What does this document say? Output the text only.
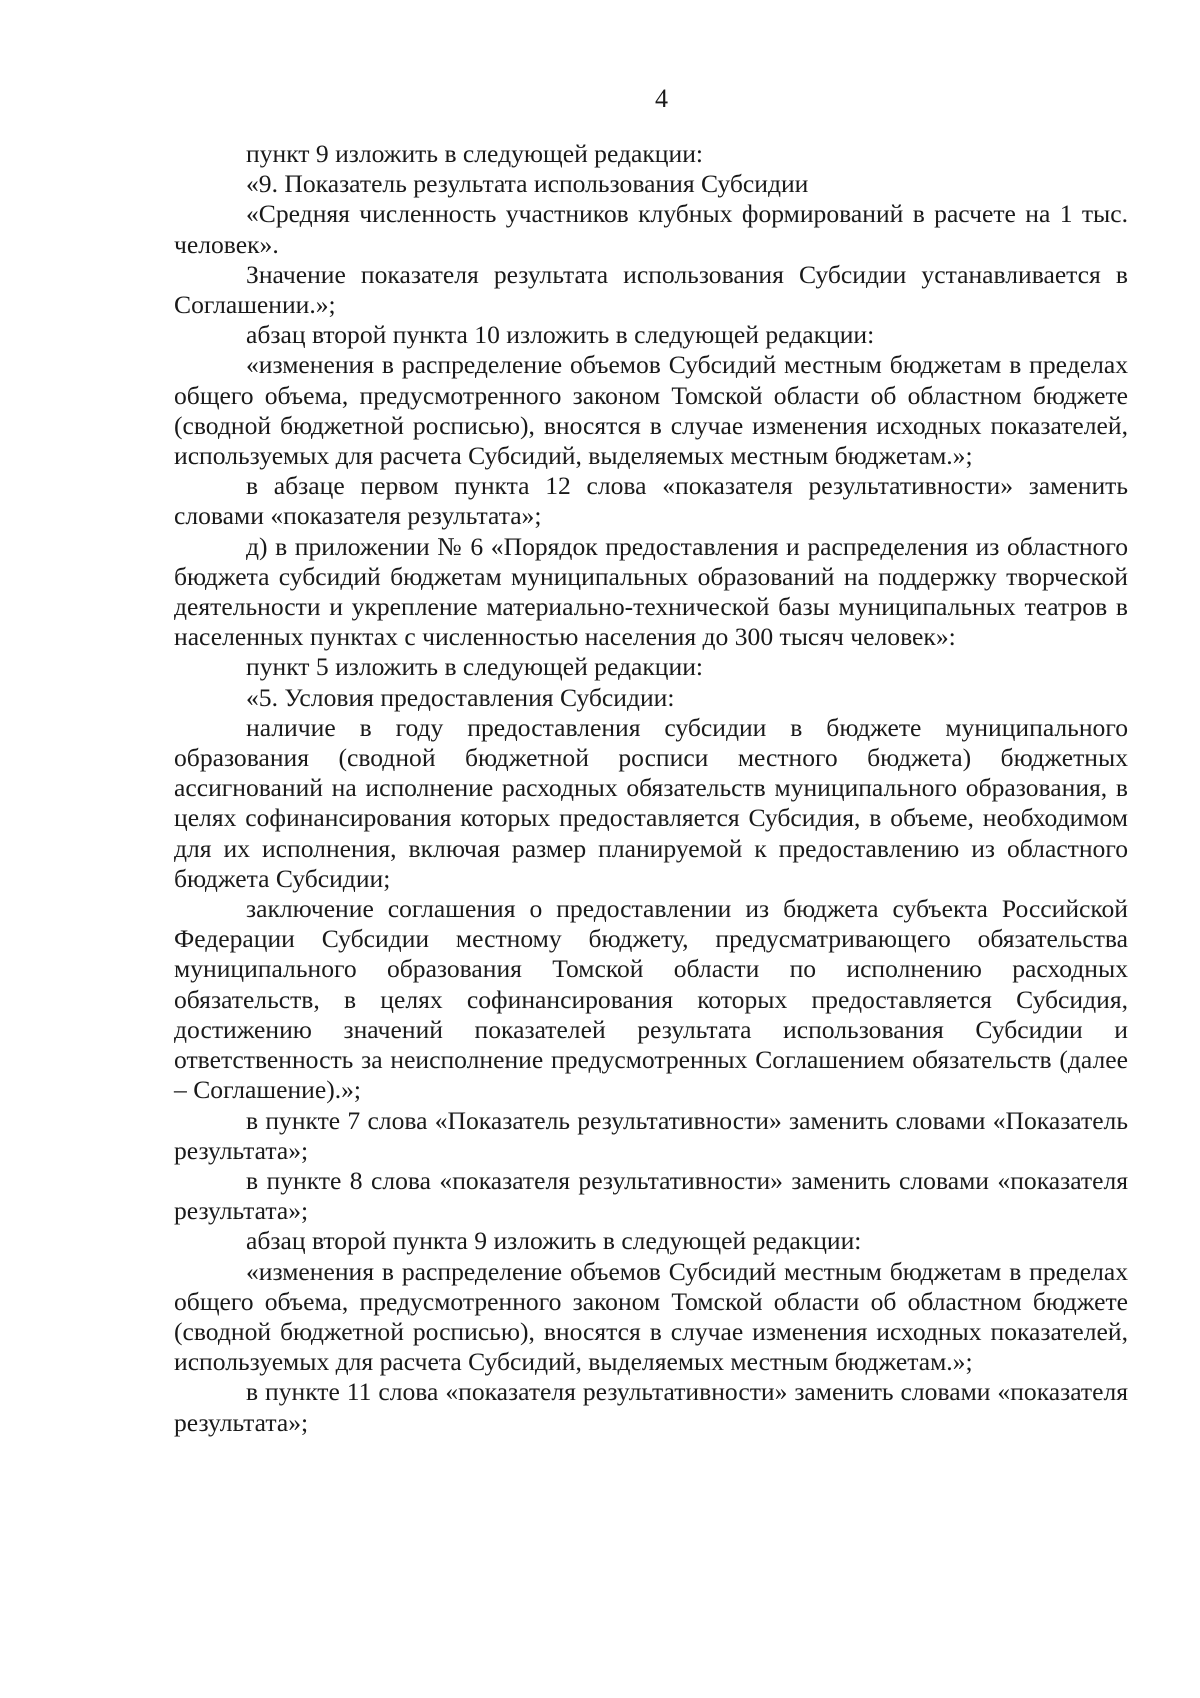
4

пункт 9 изложить в следующей редакции:

«9. Показатель результата использования Субсидии

«Средняя численность участников клубных формирований в расчете на 1 тыс. человек».

Значение показателя результата использования Субсидии устанавливается в Соглашении.»;

абзац второй пункта 10 изложить в следующей редакции:

«изменения в распределение объемов Субсидий местным бюджетам в пределах общего объема, предусмотренного законом Томской области об областном бюджете (сводной бюджетной росписью), вносятся в случае изменения исходных показателей, используемых для расчета Субсидий, выделяемых местным бюджетам.»;

в абзаце первом пункта 12 слова «показателя результативности» заменить словами «показателя результата»;

д) в приложении № 6 «Порядок предоставления и распределения из областного бюджета субсидий бюджетам муниципальных образований на поддержку творческой деятельности и укрепление материально-технической базы муниципальных театров в населенных пунктах с численностью населения до 300 тысяч человек»:

пункт 5 изложить в следующей редакции:

«5. Условия предоставления Субсидии:

наличие в году предоставления субсидии в бюджете муниципального образования (сводной бюджетной росписи местного бюджета) бюджетных ассигнований на исполнение расходных обязательств муниципального образования, в целях софинансирования которых предоставляется Субсидия, в объеме, необходимом для их исполнения, включая размер планируемой к предоставлению из областного бюджета Субсидии;

заключение соглашения о предоставлении из бюджета субъекта Российской Федерации Субсидии местному бюджету, предусматривающего обязательства муниципального образования Томской области по исполнению расходных обязательств, в целях софинансирования которых предоставляется Субсидия, достижению значений показателей результата использования Субсидии и ответственность за неисполнение предусмотренных Соглашением обязательств (далее – Соглашение).»;

в пункте 7 слова «Показатель результативности» заменить словами «Показатель результата»;

в пункте 8 слова «показателя результативности» заменить словами «показателя результата»;

абзац второй пункта 9 изложить в следующей редакции:

«изменения в распределение объемов Субсидий местным бюджетам в пределах общего объема, предусмотренного законом Томской области об областном бюджете (сводной бюджетной росписью), вносятся в случае изменения исходных показателей, используемых для расчета Субсидий, выделяемых местным бюджетам.»;

в пункте 11 слова «показателя результативности» заменить словами «показателя результата»;
